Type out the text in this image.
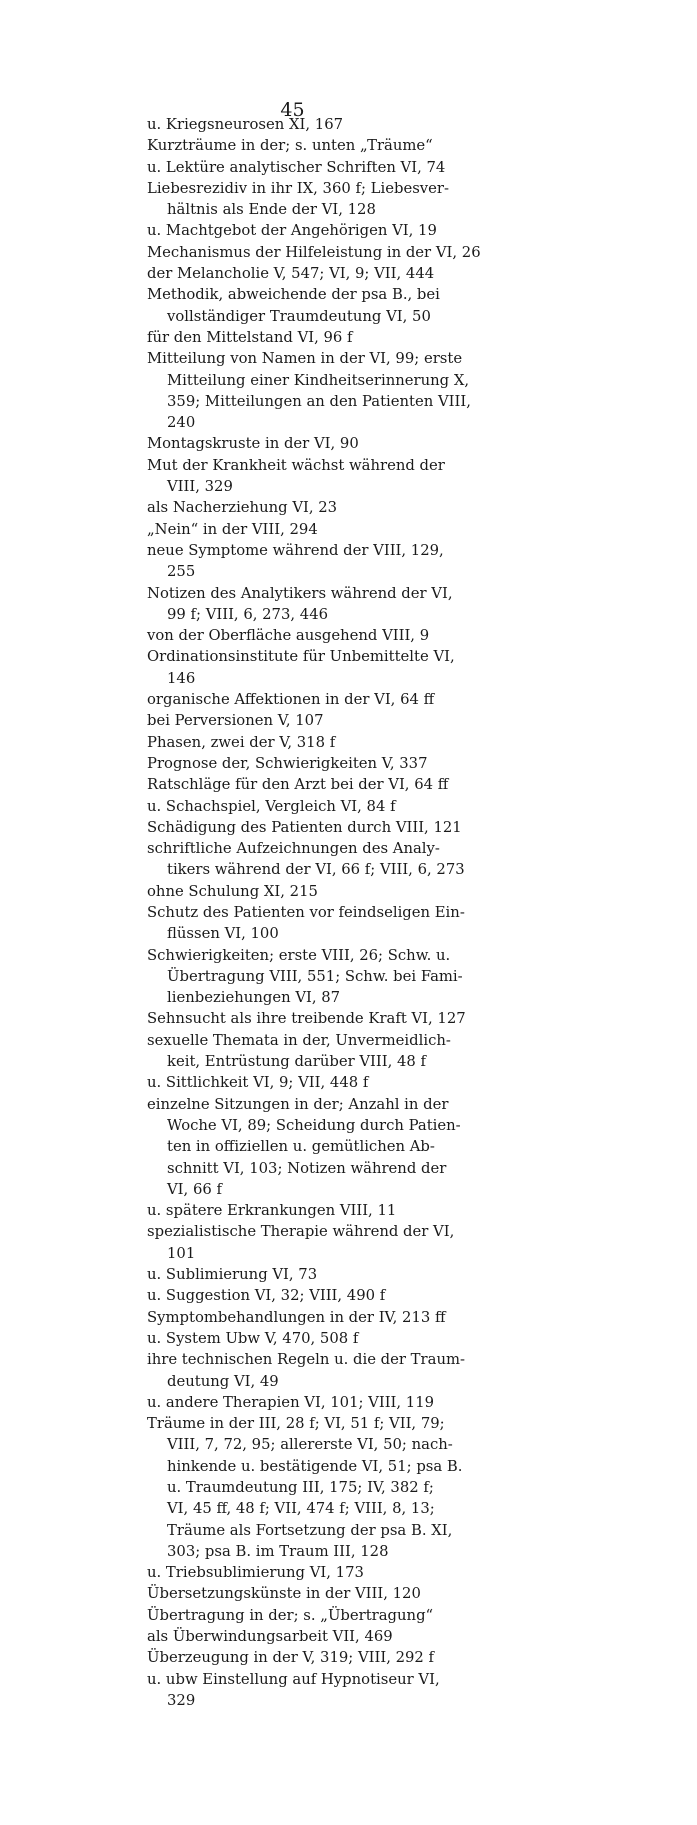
45
u. Kriegsneurosen XI, 167
Kurzträume in der; s. unten „Träume“
u. Lektüre analytischer Schriften VI, 74
Liebesrezidiv in ihr IX, 360 f; Liebesver-
hältnis als Ende der VI, 128
u. Machtgebot der Angehörigen VI, 19
Mechanismus der Hilfeleistung in der VI, 26
der Melancholie V, 547; VI, 9; VII, 444
Methodik, abweichende der psa B., bei
vollständiger Traumdeutung VI, 50
für den Mittelstand VI, 96 f
Mitteilung von Namen in der VI, 99; erste
Mitteilung einer Kindheitserinnerung X,
359; Mitteilungen an den Patienten VIII,
240
Montagskruste in der VI, 90
Mut der Krankheit wächst während der
VIII, 329
als Nacherziehung VI, 23
„Nein“ in der VIII, 294
neue Symptome während der VIII, 129,
255
Notizen des Analytikers während der VI,
99 f; VIII, 6, 273, 446
von der Oberfläche ausgehend VIII, 9
Ordinationsinstitute für Unbemittelte VI,
146
organische Affektionen in der VI, 64 ff
bei Perversionen V, 107
Phasen, zwei der V, 318 f
Prognose der, Schwierigkeiten V, 337
Ratschläge für den Arzt bei der VI, 64 ff
u. Schachspiel, Vergleich VI, 84 f
Schädigung des Patienten durch VIII, 121
schriftliche Aufzeichnungen des Analy-
tikers während der VI, 66 f; VIII, 6, 273
ohne Schulung XI, 215
Schutz des Patienten vor feindseligen Ein-
flüssen VI, 100
Schwierigkeiten; erste VIII, 26; Schw. u.
Übertragung VIII, 551; Schw. bei Fami-
lienbeziehungen VI, 87
Sehnsucht als ihre treibende Kraft VI, 127
sexuelle Themata in der, Unvermeidlich-
keit, Entrüstung darüber VIII, 48 f
u. Sittlichkeit VI, 9; VII, 448 f
einzelne Sitzungen in der; Anzahl in der
Woche VI, 89; Scheidung durch Patien-
ten in offiziellen u. gemütlichen Ab-
schnitt VI, 103; Notizen während der
VI, 66 f
u. spätere Erkrankungen VIII, 11
spezialistische Therapie während der VI,
101
u. Sublimierung VI, 73
u. Suggestion VI, 32; VIII, 490 f
Symptombehandlungen in der IV, 213 ff
u. System Ubw V, 470, 508 f
ihre technischen Regeln u. die der Traum-
deutung VI, 49
u. andere Therapien VI, 101; VIII, 119
Träume in der III, 28 f; VI, 51 f; VII, 79;
VIII, 7, 72, 95; allererste VI, 50; nach-
hinkende u. bestätigende VI, 51; psa B.
u. Traumdeutung III, 175; IV, 382 f;
VI, 45 ff, 48 f; VII, 474 f; VIII, 8, 13;
Träume als Fortsetzung der psa B. XI,
303; psa B. im Traum III, 128
u. Triebsublimierung VI, 173
Übersetzungskünste in der VIII, 120
Übertragung in der; s. „Übertragung“
als Überwindungsarbeit VII, 469
Überzeugung in der V, 319; VIII, 292 f
u. ubw Einstellung auf Hypnotiseur VI,
329
